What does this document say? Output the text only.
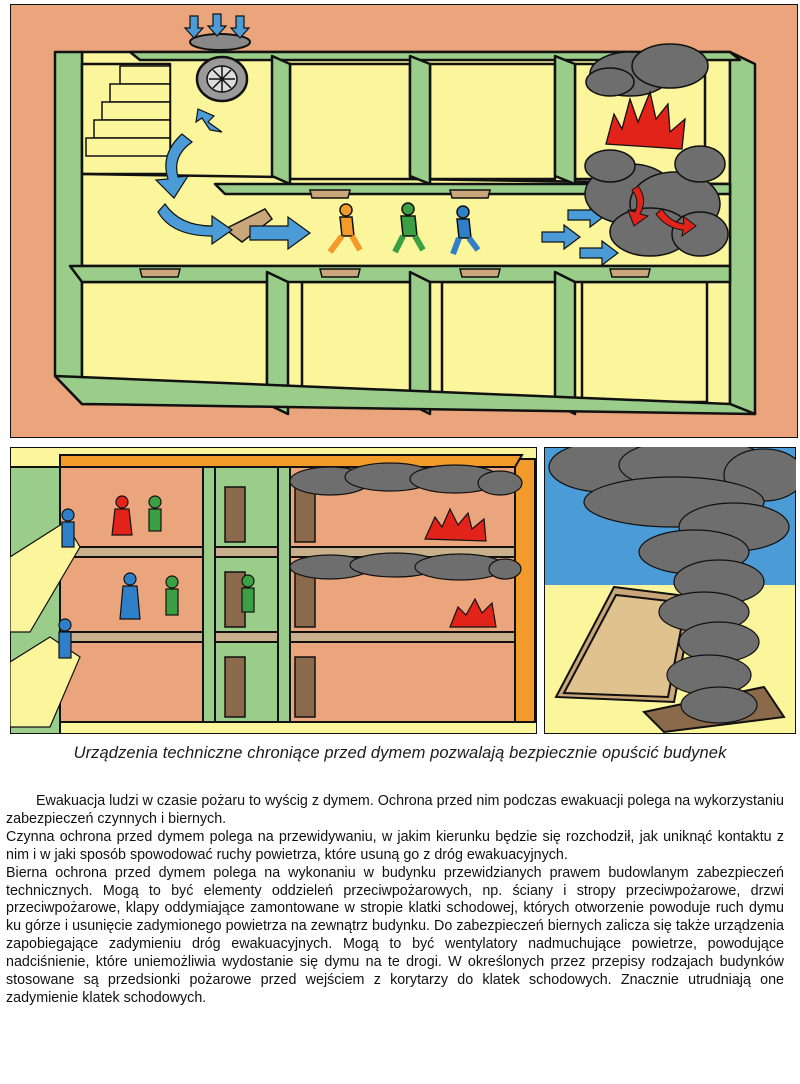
Urządzenia techniczne chroniące przed dymem pozwalają bezpiecznie opuścić budynek

Ewakuacja ludzi w czasie pożaru to wyścig z dymem. Ochrona przed nim podczas ewakuacji polega na wykorzystaniu zabezpieczeń czynnych i biernych.

Czynna ochrona przed dymem polega na przewidywaniu, w jakim kierunku będzie się rozchodził, jak uniknąć kontaktu z nim i w jaki sposób spowodować ruchy powietrza, które usuną go z dróg ewakuacyjnych.

Bierna ochrona przed dymem polega na wykonaniu w budynku przewidzianych prawem budowlanym zabezpieczeń technicznych. Mogą to być elementy oddzieleń przeciwpożarowych, np. ściany i stropy przeciwpożarowe, drzwi przeciwpożarowe, klapy oddymiające zamontowane w stropie klatki schodowej, których otworzenie powoduje ruch dymu ku górze i usunięcie zadymionego powietrza na zewnątrz budynku. Do zabezpieczeń biernych zalicza się także urządzenia zapobiegające zadymieniu dróg ewakuacyjnych. Mogą to być wentylatory nadmuchujące powietrze, powodujące nadciśnienie, które uniemożliwia wydostanie się dymu na te drogi. W określonych przez przepisy rodzajach budynków stosowane są przedsionki pożarowe przed wejściem z korytarzy do klatek schodowych. Znacznie utrudniają one zadymienie klatek schodowych.
